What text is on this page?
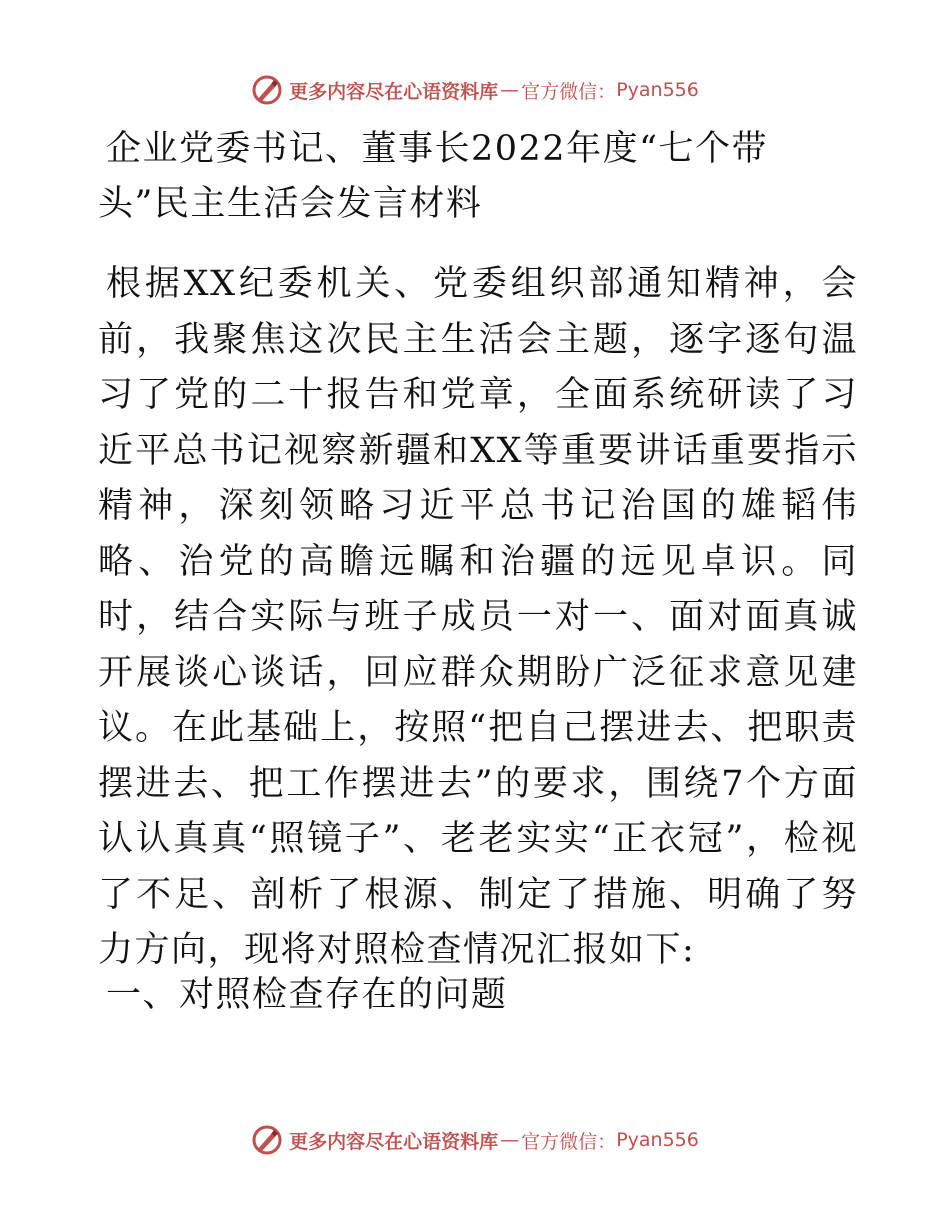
更多内容尽在心语资料库 — 官方微信： Pyan556
企业党委书记、董事长2022年度“七个带头”民主生活会发言材料

根据XX纪委机关、党委组织部通知精神，会前，我聚焦这次民主生活会主题，逐字逐句温习了党的二十报告和党章，全面系统研读了习近平总书记视察新疆和XX等重要讲话重要指示精神，深刻领略习近平总书记治国的雄韬伟略、治党的高瞻远瞩和治疆的远见卓识。同时，结合实际与班子成员一对一、面对面真诚开展谈心谈话，回应群众期盼广泛征求意见建议。在此基础上，按照“把自己摆进去、把职责摆进去、把工作摆进去”的要求，围绕7个方面认认真真“照镜子”、老老实实“正衣冠”，检视了不足、剖析了根源、制定了措施、明确了努力方向，现将对照检查情况汇报如下:

一、对照检查存在的问题
更多内容尽在心语资料库 — 官方微信： Pyan556
